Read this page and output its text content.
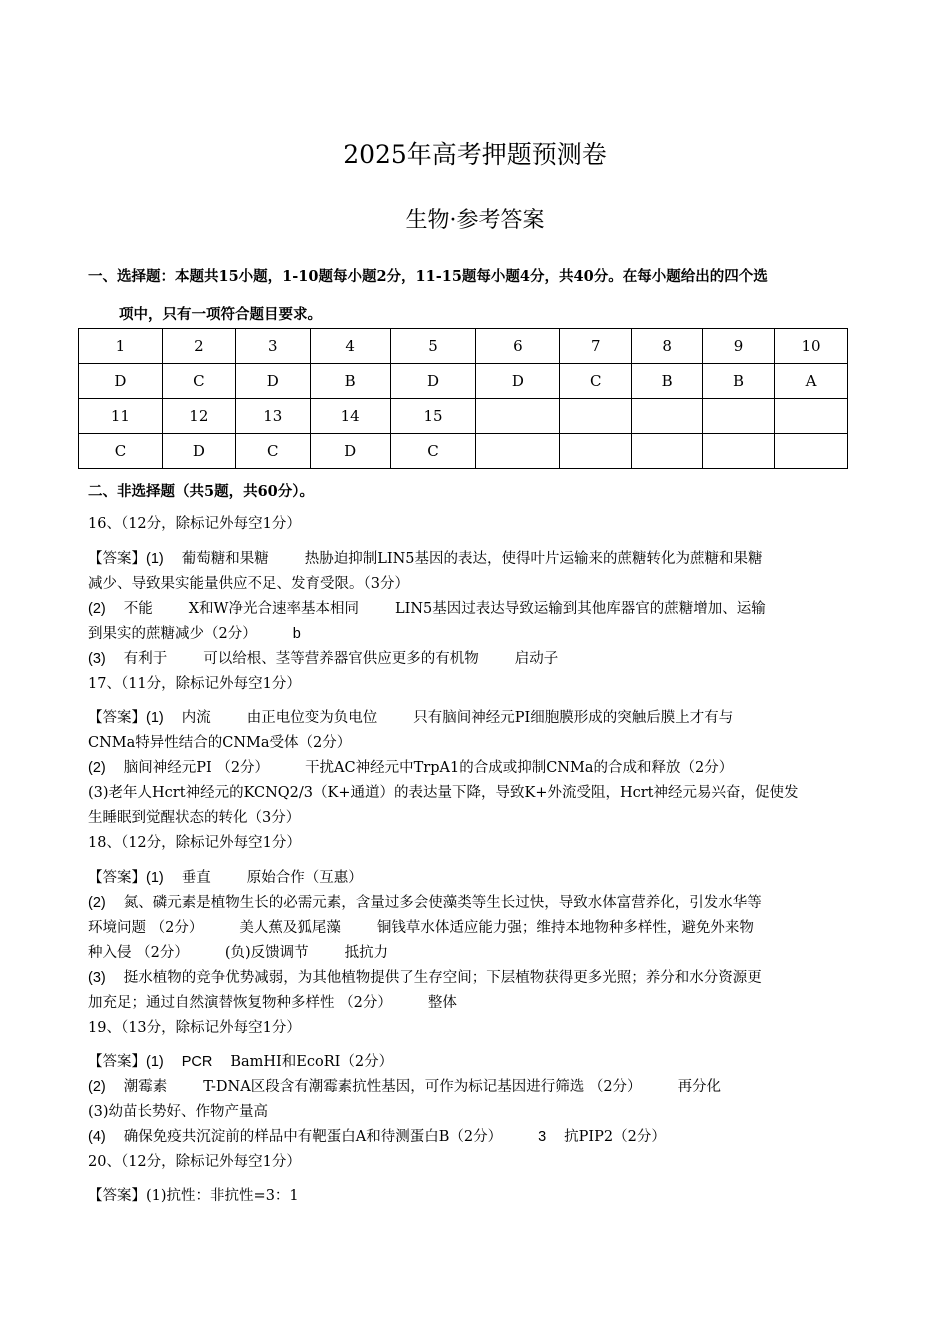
2025年高考押题预测卷
生物·参考答案
一、选择题：本题共15小题，1-10题每小题2分，11-15题每小题4分，共40分。在每小题给出的四个选
项中，只有一项符合题目要求。
1	2	3	4	5	6	7	8	9	10
D	C	D	B	D	D	C	B	B	A
11	12	13	14	15					
C	D	C	D	C					
二、非选择题（共5题，共60分）。

16、（12分，除标记外每空1分）

【答案】(1) 葡萄糖和果糖 热胁迫抑制LIN5基因的表达，使得叶片运输来的蔗糖转化为蔗糖和果糖

减少、导致果实能量供应不足、发育受限。（3分）

(2) 不能 X和W净光合速率基本相同 LIN5基因过表达导致运输到其他库器官的蔗糖增加、运输

到果实的蔗糖减少（2分） b

(3) 有利于 可以给根、茎等营养器官供应更多的有机物 启动子

17、（11分，除标记外每空1分）

【答案】(1) 内流 由正电位变为负电位 只有脑间神经元PI细胞膜形成的突触后膜上才有与

CNMa特异性结合的CNMa受体（2分）

(2) 脑间神经元PI （2分） 干扰AC神经元中TrpA1的合成或抑制CNMa的合成和释放（2分）

(3)老年人Hcrt神经元的KCNQ2/3（K+通道）的表达量下降，导致K+外流受阻，Hcrt神经元易兴奋，促使发

生睡眠到觉醒状态的转化（3分）

18、（12分，除标记外每空1分）

【答案】(1) 垂直 原始合作（互惠）

(2) 氮、磷元素是植物生长的必需元素，含量过多会使藻类等生长过快，导致水体富营养化，引发水华等

环境问题 （2分） 美人蕉及狐尾藻 铜钱草水体适应能力强；维持本地物种多样性，避免外来物

种入侵 （2分） (负)反馈调节 抵抗力

(3) 挺水植物的竞争优势减弱，为其他植物提供了生存空间；下层植物获得更多光照；养分和水分资源更

加充足；通过自然演替恢复物种多样性 （2分） 整体

19、（13分，除标记外每空1分）

【答案】(1) PCR BamHI和EcoRI（2分）

(2) 潮霉素 T-DNA区段含有潮霉素抗性基因，可作为标记基因进行筛选 （2分） 再分化

(3)幼苗长势好、作物产量高

(4) 确保免疫共沉淀前的样品中有靶蛋白A和待测蛋白B（2分） 3 抗PIP2（2分）

20、（12分，除标记外每空1分）

【答案】(1)抗性：非抗性=3：1
